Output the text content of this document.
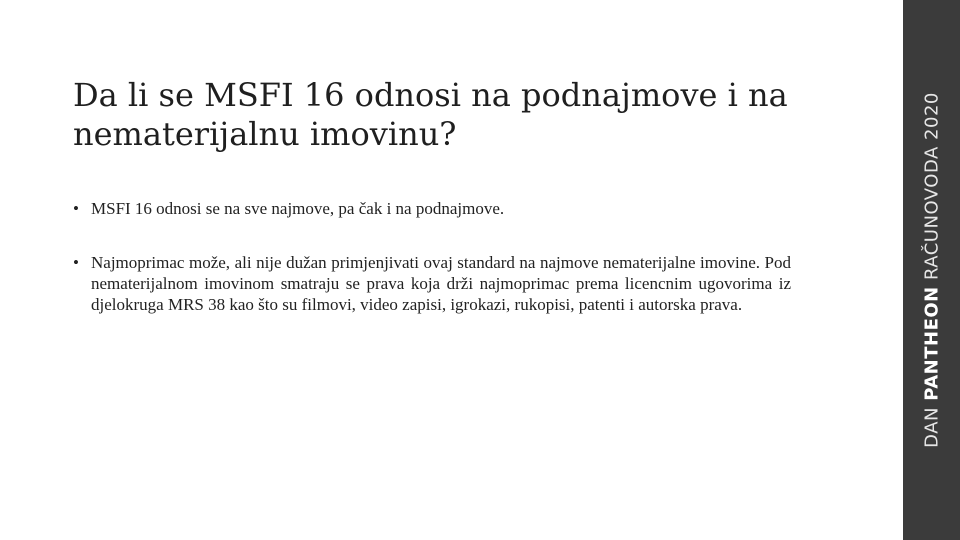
Da li se MSFI 16 odnosi na podnajmove i na nematerijalnu imovinu?
• MSFI 16 odnosi se na sve najmove, pa čak i na podnajmove.
• Najmoprimac može, ali nije dužan primjenjivati ovaj standard na najmove nematerijalne imovine. Pod nematerijalnom imovinom smatraju se prava koja drži najmoprimac prema licencnim ugovorima iz djelokruga MRS 38 kao što su filmovi, video zapisi, igrokazi, rukopisi, patenti i autorska prava.
DAN PANTHEON RAČUNOVODA 2020
